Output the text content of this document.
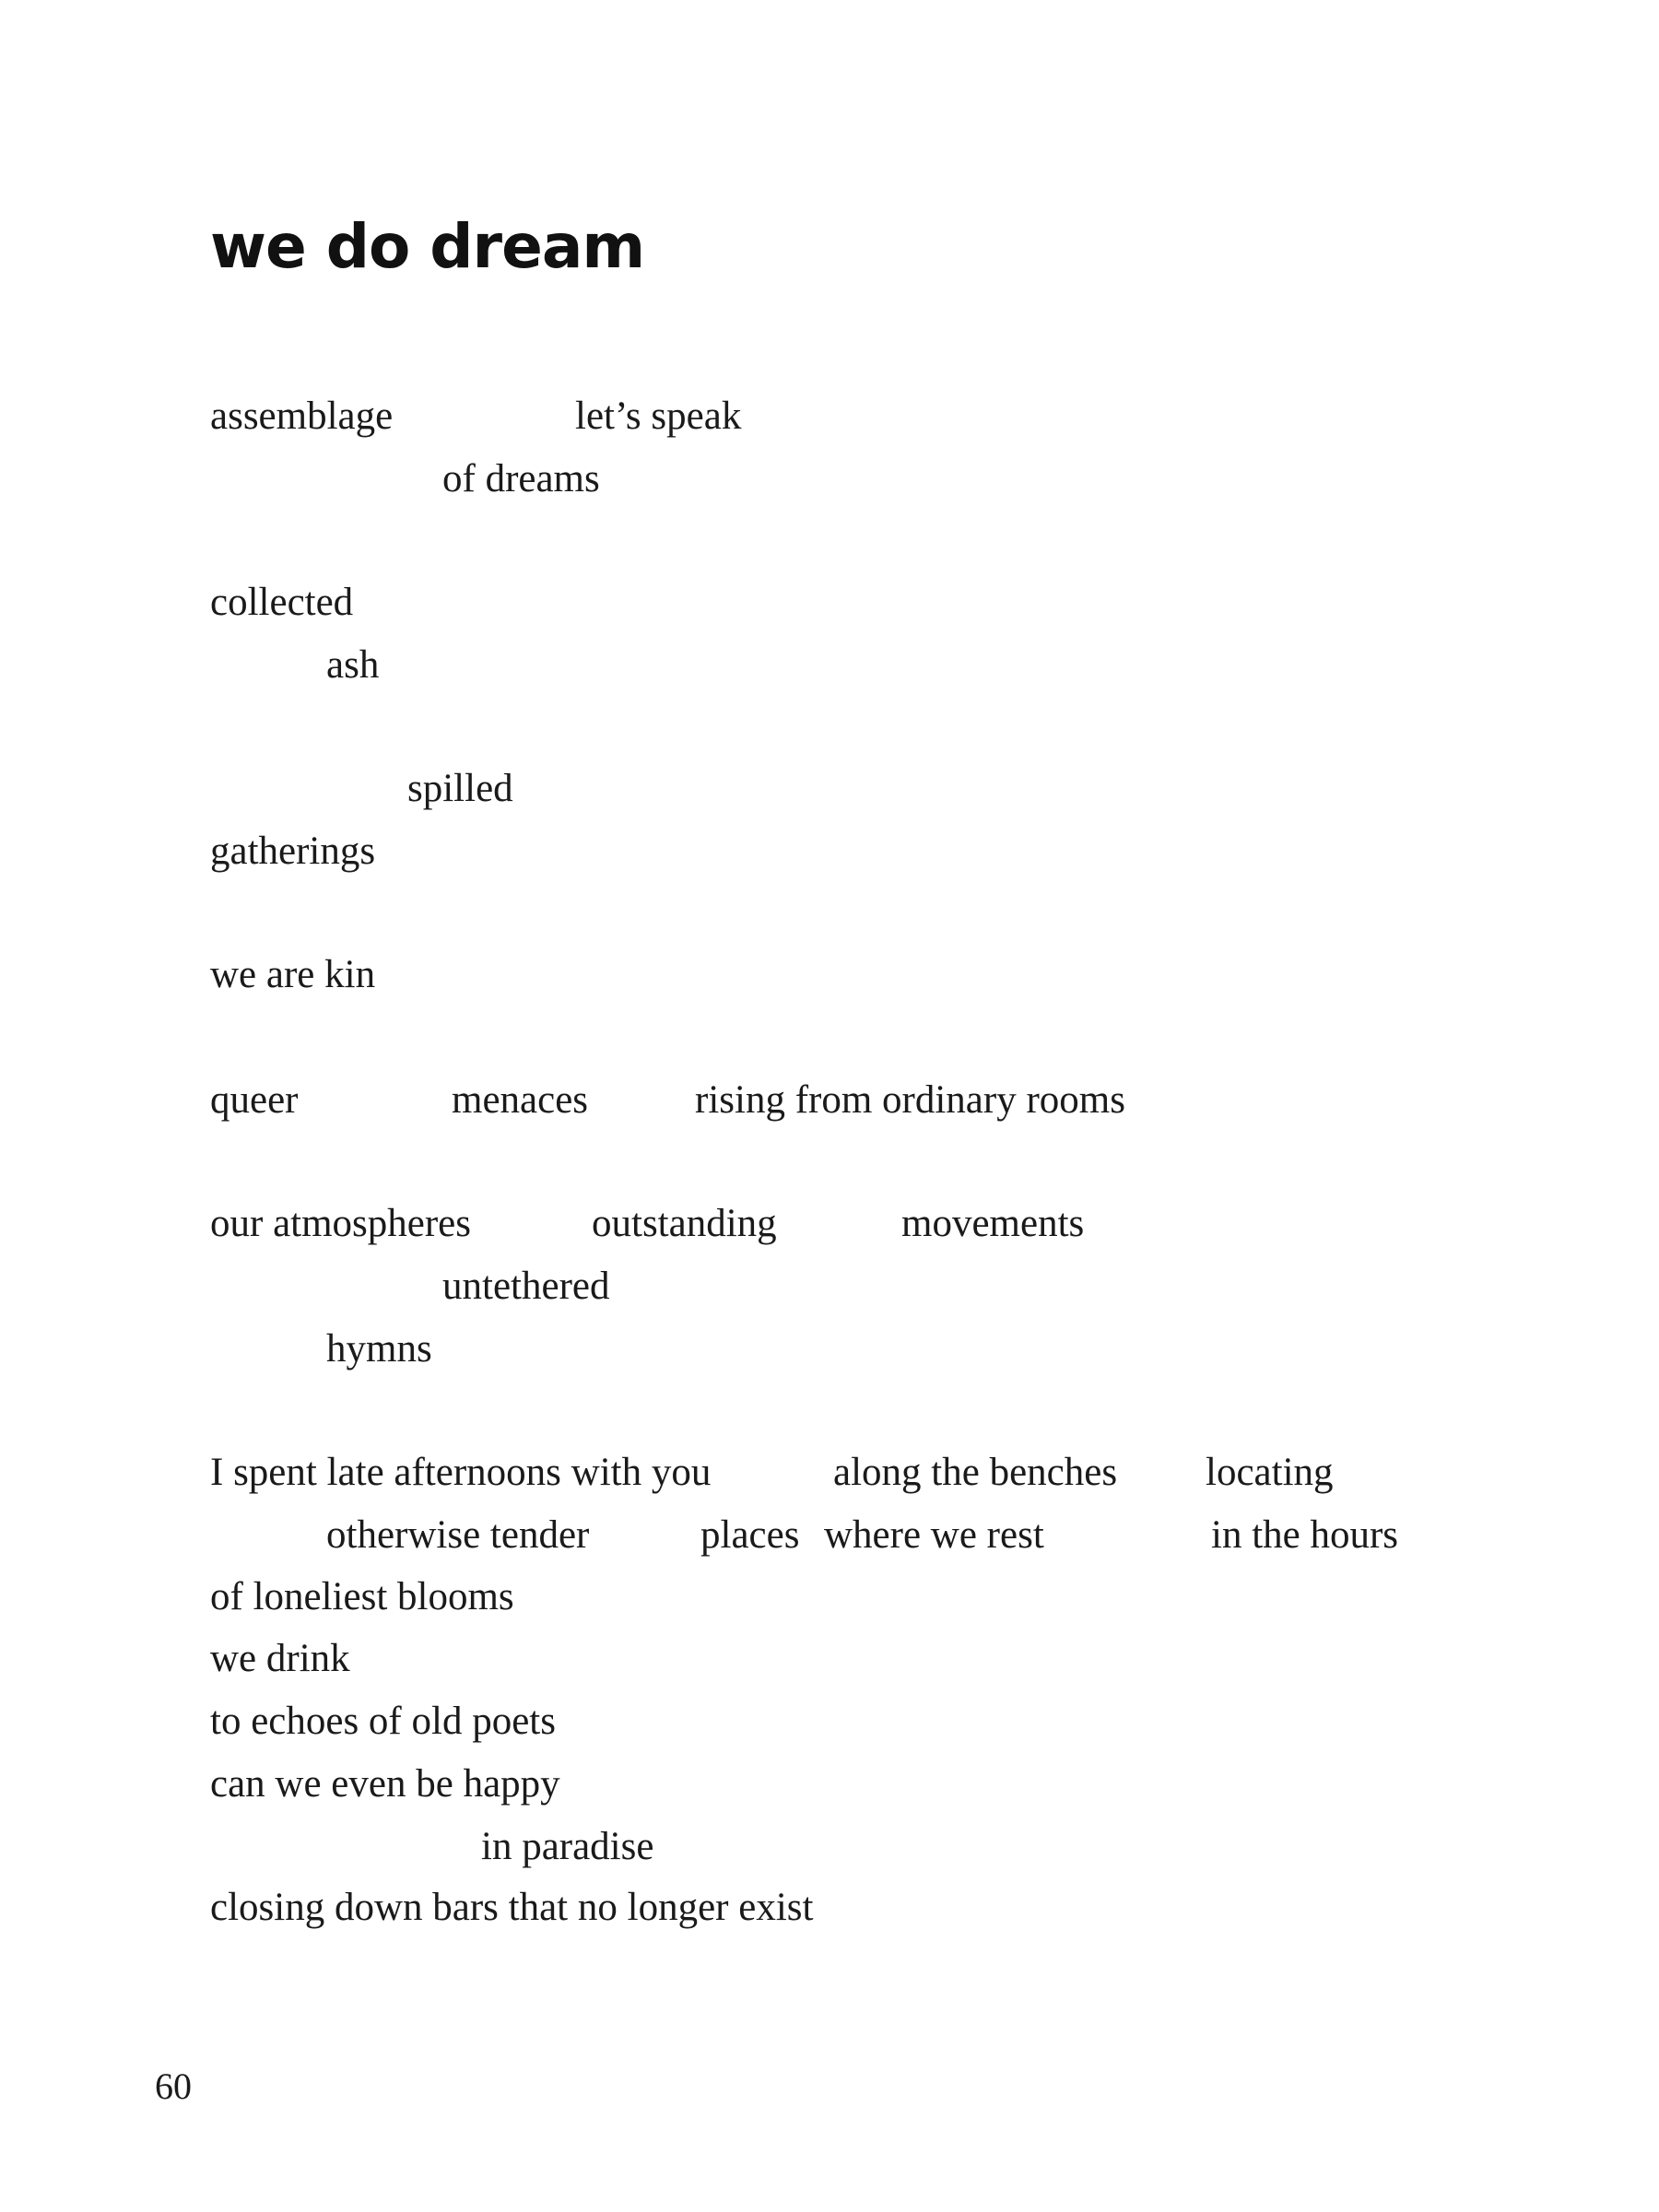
we do dream
assemblage	let’s speak
of dreams
collected
ash
spilled
gatherings
we are kin
queer	menaces	rising from ordinary rooms
our atmospheres	outstanding	movements
untethered
hymns
I spent late afternoons with you	along the benches locating
otherwise tender	places where we rest	in the hours
of loneliest blooms
we drink
to echoes of old poets
can we even be happy
in paradise
closing down bars that no longer exist
60
